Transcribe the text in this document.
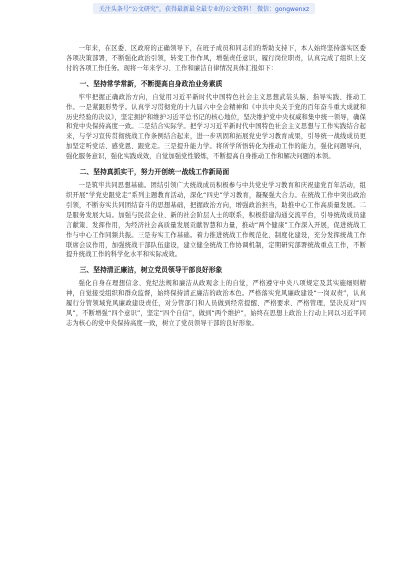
关注头条号“公文研究”，获得最新最全最专业的公文资料！ 微信：gongwenxz

一年来，在区委、区政府的正确领导下，在班子成员和同志们的帮助支持下，本人始终坚持落实区委各项决策部署，不断强化政治引领，转变工作作风，增强责任意识，履行岗位职责，认真完成了组织上交付的各项工作任务。现将一年来学习、工作和廉洁自律情况具体汇报如下：

一、坚持常学常新，不断提高自身政治业务素质

牢牢把握正确政治方向，自觉用习近平新时代中国特色社会主义思想武装头脑、指导实践、推动工作。一是紧跟形势学。认真学习贯彻党的十九届六中全会精神和《中共中央关于党的百年奋斗重大成就和历史经验的决议》，坚定拥护和维护习近平总书记的核心地位，坚决维护党中央权威和集中统一领导，确保和党中央保持高度一致。二是结合实际学。把学习习近平新时代中国特色社会主义思想与工作实践结合起来，与学习宣传贯彻统战工作条例结合起来，进一步巩固和拓展党史学习教育成果，引导统一战线成员更加坚定听党话、感党恩、跟党走。三是提升能力学。将所学所悟转化为推动工作的能力，强化问题导向，强化服务意识，强化实践成效，自觉加强党性锻炼，不断提高自身推动工作和解决问题的本领。

二、坚持真抓实干，努力开创统一战线工作新局面

一是筑牢共同思想基础。团结引领广大统战成员积极参与中共党史学习教育和庆祝建党百年活动，组织开展“学党史跟党走”系列主题教育活动，深化“四史”学习教育，凝聚强大合力。在统战工作中突出政治引领，不断夯实共同团结奋斗的思想基础，把握政治方向，增强政治担当，助推中心工作高质量发展。二是服务发展大局。加强与民营企业、新的社会阶层人士的联系，积极搭建沟通交流平台，引导统战成员建言献策、发挥作用，为经济社会高质量发展贡献智慧和力量，推动“两个健康”工作深入开展，促进统战工作与中心工作同频共振。三是夯实工作基础。着力推进统战工作规范化、制度化建设，充分发挥统战工作联席会议作用，加强统战干部队伍建设，建立健全统战工作协调机制，定期研究部署统战重点工作，不断提升统战工作的科学化水平和实际成效。

三、坚持清正廉洁，树立党员领导干部良好形象

强化自身在理想信念、党纪法规和廉洁从政观念上的自觉，严格遵守中央八项规定及其实施细则精神，自觉接受组织和群众监督，始终保持清正廉洁的政治本色。严格落实党风廉政建设“一岗双责”，认真履行分管领域党风廉政建设责任，对分管部门和人员做到经常提醒、严格要求、严格管理，坚决反对“四风”，不断增强“四个意识”，坚定“四个自信”，做到“两个维护”，始终在思想上政治上行动上同以习近平同志为核心的党中央保持高度一致，树立了党员领导干部的良好形象。
